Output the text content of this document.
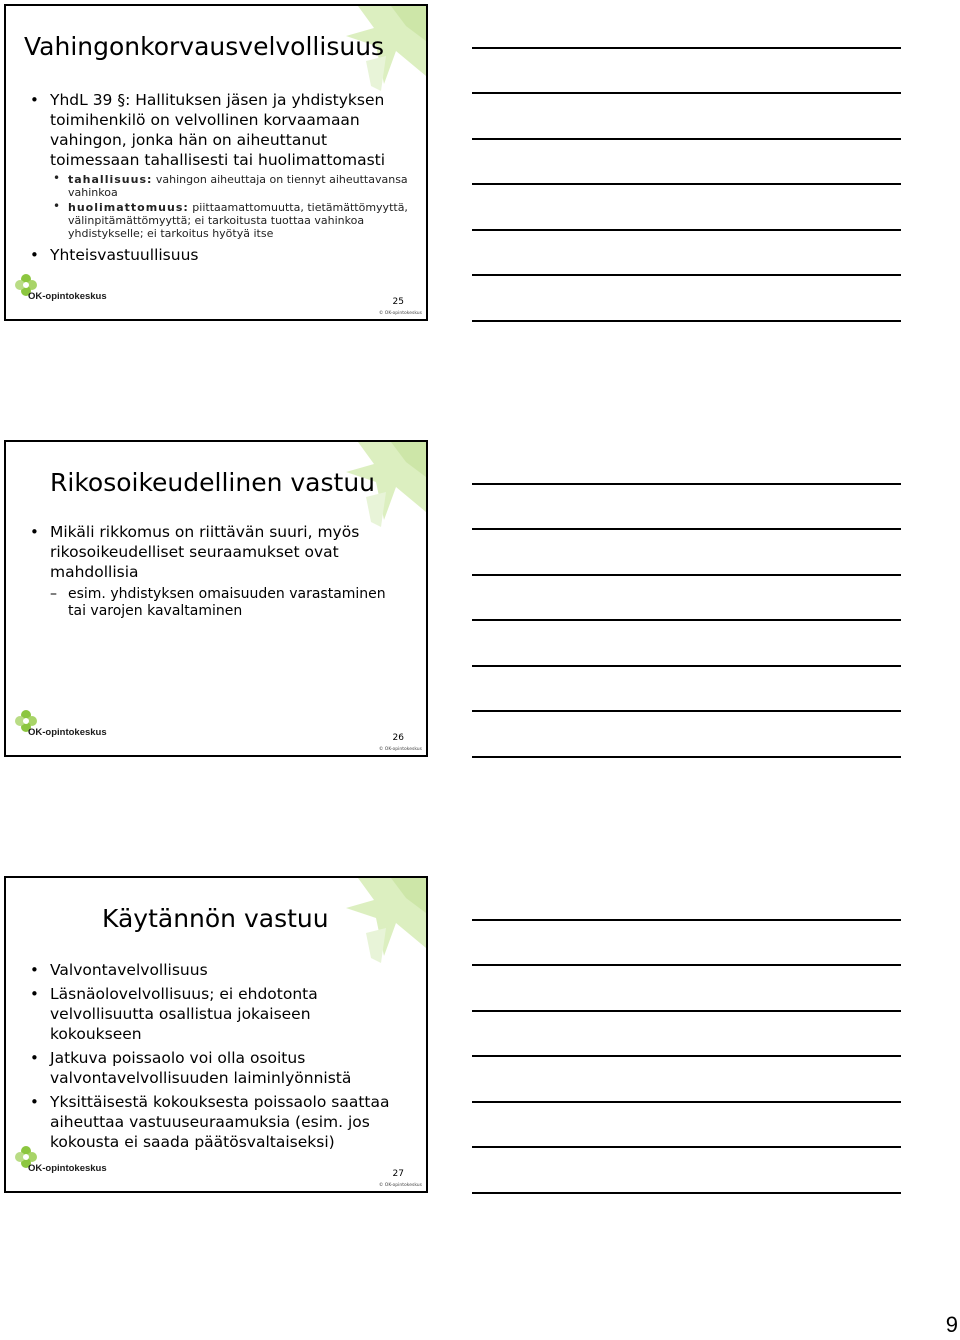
Vahingonkorvausvelvollisuus
• YhdL 39 §: Hallituksen jäsen ja yhdistyksen
toimihenkilö on velvollinen korvaamaan
vahingon, jonka hän on aiheuttanut
toimessaan tahallisesti tai huolimattomasti
• tahallisuus: vahingon aiheuttaja on tiennyt aiheuttavansa
vahinkoa
• huolimattomuus: piittaamattomuutta, tietämättömyyttä,
välinpitämättömyyttä; ei tarkoitusta tuottaa vahinkoa
yhdistykselle; ei tarkoitus hyötyä itse
• Yhteisvastuullisuus
OK-opintokeskus	25
© OK-opintokeskus
Rikosoikeudellinen vastuu
• Mikäli rikkomus on riittävän suuri, myös
rikosoikeudelliset seuraamukset ovat
mahdollisia
– esim. yhdistyksen omaisuuden varastaminen
tai varojen kavaltaminen
OK-opintokeskus	26
© OK-opintokeskus
Käytännön vastuu
• Valvontavelvollisuus
• Läsnäolovelvollisuus; ei ehdotonta
velvollisuutta osallistua jokaiseen
kokoukseen
• Jatkuva poissaolo voi olla osoitus
valvontavelvollisuuden laiminlyönnistä
• Yksittäisestä kokouksesta poissaolo saattaa
aiheuttaa vastuuseuraamuksia (esim. jos
kokousta ei saada päätösvaltaiseksi)
OK-opintokeskus	27
© OK-opintokeskus
9
